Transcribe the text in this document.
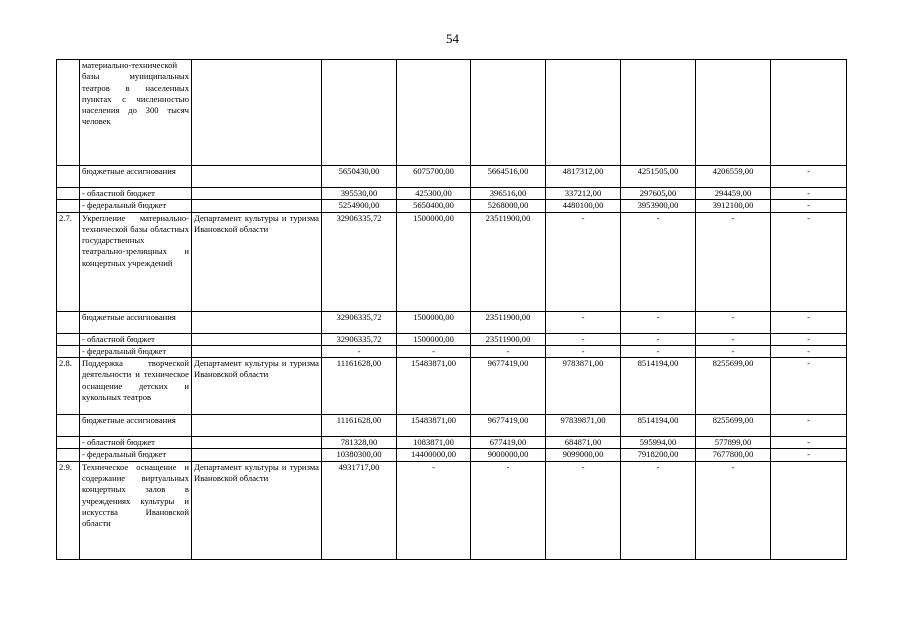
54
	материально-технической базы муниципальных театров в населенных пунктах с численностью населения до 300 тысяч человек								
	бюджетные ассигнования		5650430,00	6075700,00	5664516,00	4817312,00	4251505,00	4206559,00	-
	- областной бюджет		395530,00	425300,00	396516,00	337212,00	297605,00	294459,00	-
	- федеральный бюджет		5254900,00	5650400,00	5268000,00	4480100,00	3953900,00	3912100,00	-
2.7.	Укрепление материально-технической базы областных государственных театрально-зрелищных и концертных учреждений	Департамент культуры и туризма Ивановской области	32906335,72	1500000,00	23511900,00	-	-	-	-
	бюджетные ассигнования		32906335,72	1500000,00	23511900,00	-	-	-	-
	- областной бюджет		32906335,72	1500000,00	23511900,00	-	-	-	-
	- федеральный бюджет		-	-	-	-	-	-	-
2.8.	Поддержка творческой деятельности и техническое оснащение детских и кукольных театров	Департамент культуры и туризма Ивановской области	11161628,00	15483871,00	9677419,00	9783871,00	8514194,00	8255699,00	-
	бюджетные ассигнования		11161628,00	15483871,00	9677419,00	97839871,00	8514194,00	8255699,00	-
	- областной бюджет		781328,00	1083871,00	677419,00	684871,00	595994,00	577899,00	-
	- федеральный бюджет		10380300,00	14400000,00	9000000,00	9099000,00	7918200,00	7677800,00	-
2.9.	Техническое оснащение и содержание виртуальных концертных залов в учреждениях культуры и искусства Ивановской области	Департамент культуры и туризма Ивановской области	4931717,00	-	-	-	-	-	
